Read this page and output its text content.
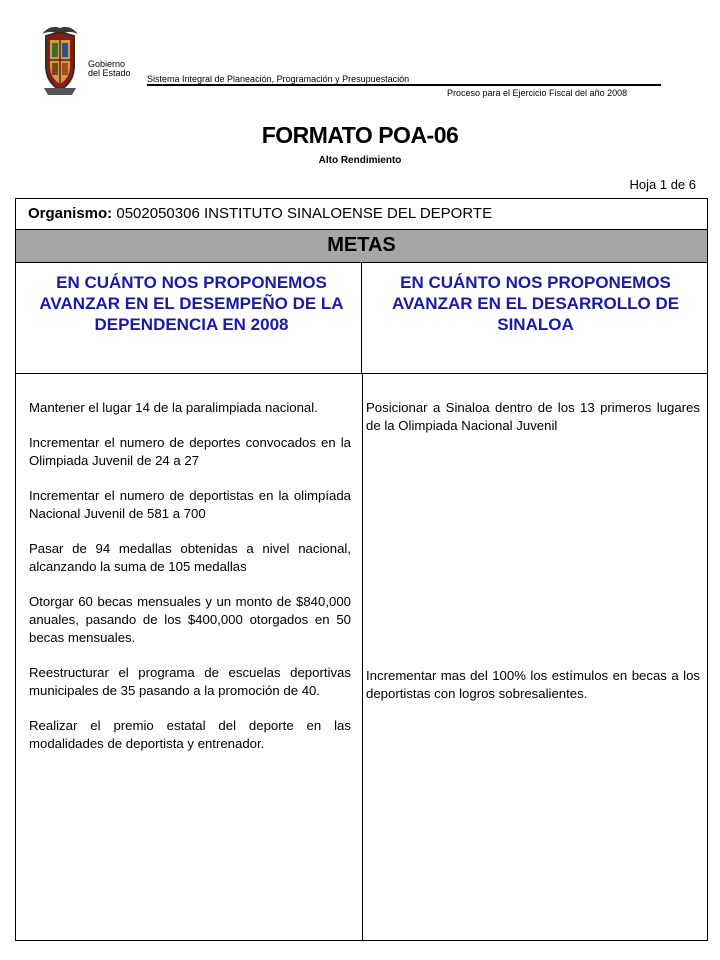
Gobierno
del Estado
Sistema Integral de Planeación, Programación y Presupuestación
Proceso para el Ejercicio Fiscal del año 2008
FORMATO POA-06
Alto Rendimiento
Hoja 1 de 6
Organismo: 0502050306 INSTITUTO SINALOENSE DEL DEPORTE
METAS
EN CUÁNTO NOS PROPONEMOS AVANZAR EN EL DESEMPEÑO DE LA DEPENDENCIA EN 2008
EN CUÁNTO NOS PROPONEMOS AVANZAR EN EL DESARROLLO DE SINALOA

Mantener el lugar 14 de la paralimpiada nacional.

Incrementar el numero de deportes convocados en la Olimpiada Juvenil de 24 a 27

Incrementar el numero de deportistas en la olimpíada Nacional Juvenil de 581 a 700

Pasar de 94 medallas obtenidas a nivel nacional, alcanzando la suma de 105 medallas

Otorgar 60 becas mensuales y un monto de $840,000 anuales, pasando de los $400,000 otorgados en 50 becas mensuales.

Reestructurar el programa de escuelas deportivas municipales de 35 pasando a la promoción de 40.

Realizar el premio estatal del deporte en las modalidades de deportista y entrenador.

Posicionar a Sinaloa dentro de los 13 primeros lugares de la Olimpiada Nacional Juvenil

Incrementar mas del 100% los estímulos en becas a los deportistas con logros sobresalientes.
